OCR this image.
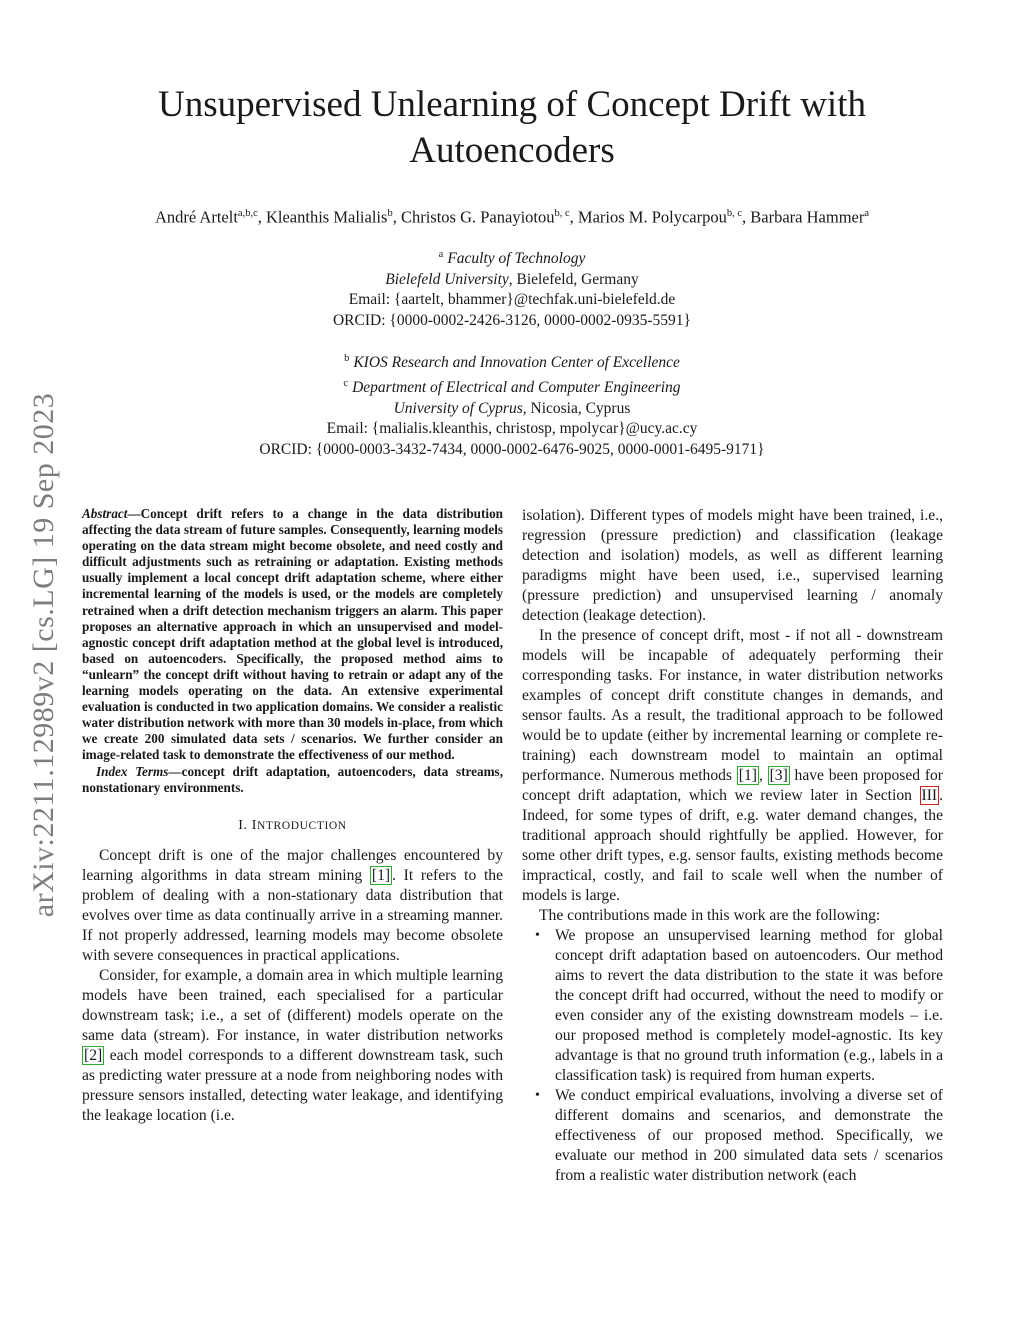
arXiv:2211.12989v2 [cs.LG] 19 Sep 2023
Unsupervised Unlearning of Concept Drift with Autoencoders
André Artelt$^{a,b,c}$, Kleanthis Malialis$^b$, Christos G. Panayiotou$^{b, c}$, Marios M. Polycarpou$^{b, c}$, Barbara Hammer$^a$
$^a$ Faculty of Technology
Bielefeld University, Bielefeld, Germany
Email: {aartelt, bhammer}@techfak.uni-bielefeld.de
ORCID: {0000-0002-2426-3126, 0000-0002-0935-5591}
$^b$ KIOS Research and Innovation Center of Excellence
$^c$ Department of Electrical and Computer Engineering
University of Cyprus, Nicosia, Cyprus
Email: {malialis.kleanthis, christosp, mpolycar}@ucy.ac.cy
ORCID: {0000-0003-3432-7434, 0000-0002-6476-9025, 0000-0001-6495-9171}

Abstract—Concept drift refers to a change in the data distribution affecting the data stream of future samples. Consequently, learning models operating on the data stream might become obsolete, and need costly and difficult adjustments such as retraining or adaptation. Existing methods usually implement a local concept drift adaptation scheme, where either incremental learning of the models is used, or the models are completely retrained when a drift detection mechanism triggers an alarm. This paper proposes an alternative approach in which an unsupervised and model-agnostic concept drift adaptation method at the global level is introduced, based on autoencoders. Specifically, the proposed method aims to “unlearn” the concept drift without having to retrain or adapt any of the learning models operating on the data. An extensive experimental evaluation is conducted in two application domains. We consider a realistic water distribution network with more than 30 models in-place, from which we create 200 simulated data sets / scenarios. We further consider an image-related task to demonstrate the effectiveness of our method.

Index Terms—concept drift adaptation, autoencoders, data streams, nonstationary environments.

I. INTRODUCTION

Concept drift is one of the major challenges encountered by learning algorithms in data stream mining [1] . It refers to the problem of dealing with a non-stationary data distribution that evolves over time as data continually arrive in a streaming manner. If not properly addressed, learning models may become obsolete with severe consequences in practical applications.

Consider, for example, a domain area in which multiple learning models have been trained, each specialised for a particular downstream task; i.e., a set of (different) models operate on the same data (stream). For instance, in water distribution networks [2] each model corresponds to a different downstream task, such as predicting water pressure at a node from neighboring nodes with pressure sensors installed, detecting water leakage, and identifying the leakage location (i.e.

isolation). Different types of models might have been trained, i.e., regression (pressure prediction) and classification (leakage detection and isolation) models, as well as different learning paradigms might have been used, i.e., supervised learning (pressure prediction) and unsupervised learning / anomaly detection (leakage detection).

In the presence of concept drift, most - if not all - downstream models will be incapable of adequately performing their corresponding tasks. For instance, in water distribution networks examples of concept drift constitute changes in demands, and sensor faults. As a result, the traditional approach to be followed would be to update (either by incremental learning or complete re-training) each downstream model to maintain an optimal performance. Numerous methods [1] , [3] have been proposed for concept drift adaptation, which we review later in Section III . Indeed, for some types of drift, e.g. water demand changes, the traditional approach should rightfully be applied. However, for some other drift types, e.g. sensor faults, existing methods become impractical, costly, and fail to scale well when the number of models is large.

The contributions made in this work are the following:

• We propose an unsupervised learning method for global concept drift adaptation based on autoencoders. Our method aims to revert the data distribution to the state it was before the concept drift had occurred, without the need to modify or even consider any of the existing downstream models – i.e. our proposed method is completely model-agnostic. Its key advantage is that no ground truth information (e.g., labels in a classification task) is required from human experts.
• We conduct empirical evaluations, involving a diverse set of different domains and scenarios, and demonstrate the effectiveness of our proposed method. Specifically, we evaluate our method in 200 simulated data sets / scenarios from a realistic water distribution network (each
